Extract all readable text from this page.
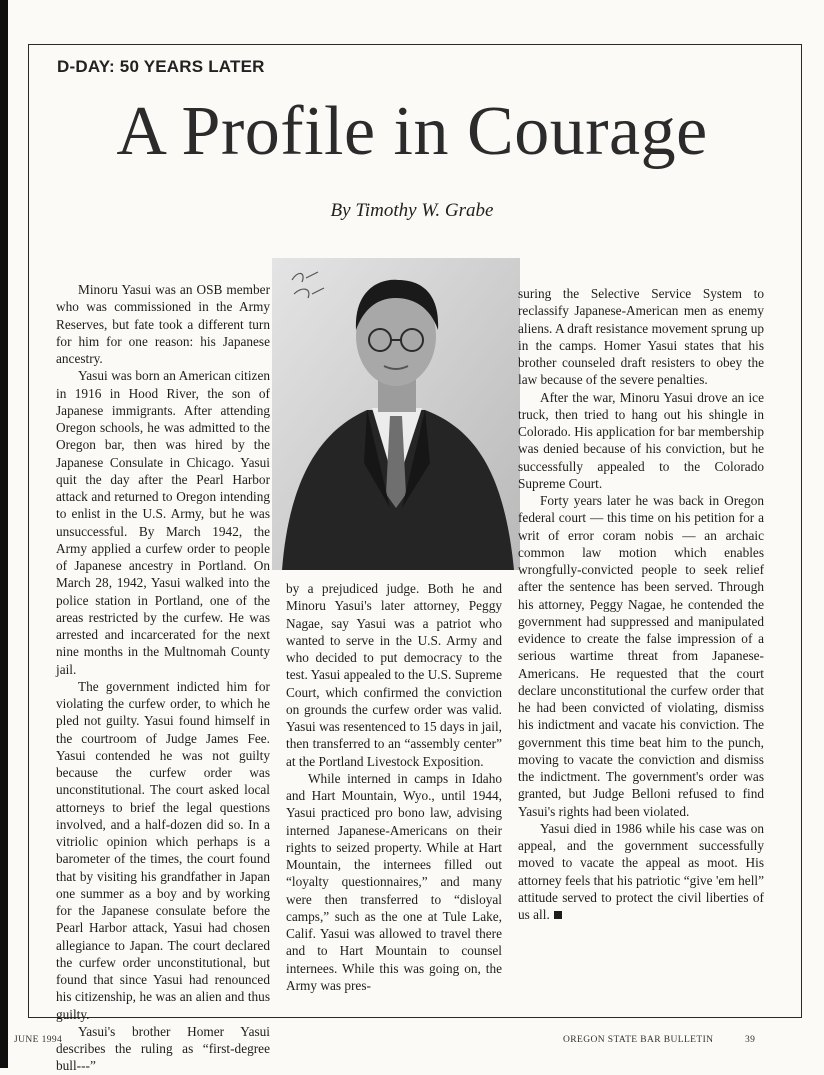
D-DAY: 50 YEARS LATER
A Profile in Courage
By Timothy W. Grabe

Minoru Yasui was an OSB member who was commissioned in the Army Reserves, but fate took a different turn for him for one reason: his Japanese ancestry.

Yasui was born an American citizen in 1916 in Hood River, the son of Japanese immigrants. After attending Oregon schools, he was admitted to the Oregon bar, then was hired by the Japanese Consulate in Chicago. Yasui quit the day after the Pearl Harbor attack and returned to Oregon intending to enlist in the U.S. Army, but he was unsuccessful. By March 1942, the Army applied a curfew order to people of Japanese ancestry in Portland. On March 28, 1942, Yasui walked into the police station in Portland, one of the areas restricted by the curfew. He was arrested and incarcerated for the next nine months in the Multnomah County jail.

The government indicted him for violating the curfew order, to which he pled not guilty. Yasui found himself in the courtroom of Judge James Fee. Yasui contended he was not guilty because the curfew order was unconstitutional. The court asked local attorneys to brief the legal questions involved, and a half-dozen did so. In a vitriolic opinion which perhaps is a barometer of the times, the court found that by visiting his grandfather in Japan one summer as a boy and by working for the Japanese consulate before the Pearl Harbor attack, Yasui had chosen allegiance to Japan. The court declared the curfew order unconstitutional, but found that since Yasui had renounced his citizenship, he was an alien and thus guilty.

Yasui's brother Homer Yasui describes the ruling as “first-degree bull---”

by a prejudiced judge. Both he and Minoru Yasui's later attorney, Peggy Nagae, say Yasui was a patriot who wanted to serve in the U.S. Army and who decided to put democracy to the test. Yasui appealed to the U.S. Supreme Court, which confirmed the conviction on grounds the curfew order was valid. Yasui was resentenced to 15 days in jail, then transferred to an “assembly center” at the Portland Livestock Exposition.

While interned in camps in Idaho and Hart Mountain, Wyo., until 1944, Yasui practiced pro bono law, advising interned Japanese-Americans on their rights to seized property. While at Hart Mountain, the internees filled out “loyalty questionnaires,” and many were then transferred to “disloyal camps,” such as the one at Tule Lake, Calif. Yasui was allowed to travel there and to Hart Mountain to counsel internees. While this was going on, the Army was pres-

suring the Selective Service System to reclassify Japanese-American men as enemy aliens. A draft resistance movement sprung up in the camps. Homer Yasui states that his brother counseled draft resisters to obey the law because of the severe penalties.

After the war, Minoru Yasui drove an ice truck, then tried to hang out his shingle in Colorado. His application for bar membership was denied because of his conviction, but he successfully appealed to the Colorado Supreme Court.

Forty years later he was back in Oregon federal court — this time on his petition for a writ of error coram nobis — an archaic common law motion which enables wrongfully-convicted people to seek relief after the sentence has been served. Through his attorney, Peggy Nagae, he contended the government had suppressed and manipulated evidence to create the false impression of a serious wartime threat from Japanese-Americans. He requested that the court declare unconstitutional the curfew order that he had been convicted of violating, dismiss his indictment and vacate his conviction. The government this time beat him to the punch, moving to vacate the conviction and dismiss the indictment. The government's order was granted, but Judge Belloni refused to find Yasui's rights had been violated.

Yasui died in 1986 while his case was on appeal, and the government successfully moved to vacate the appeal as moot. His attorney feels that his patriotic “give 'em hell” attitude served to protect the civil liberties of us all.

JUNE 1994	OREGON STATE BAR BULLETIN	39
